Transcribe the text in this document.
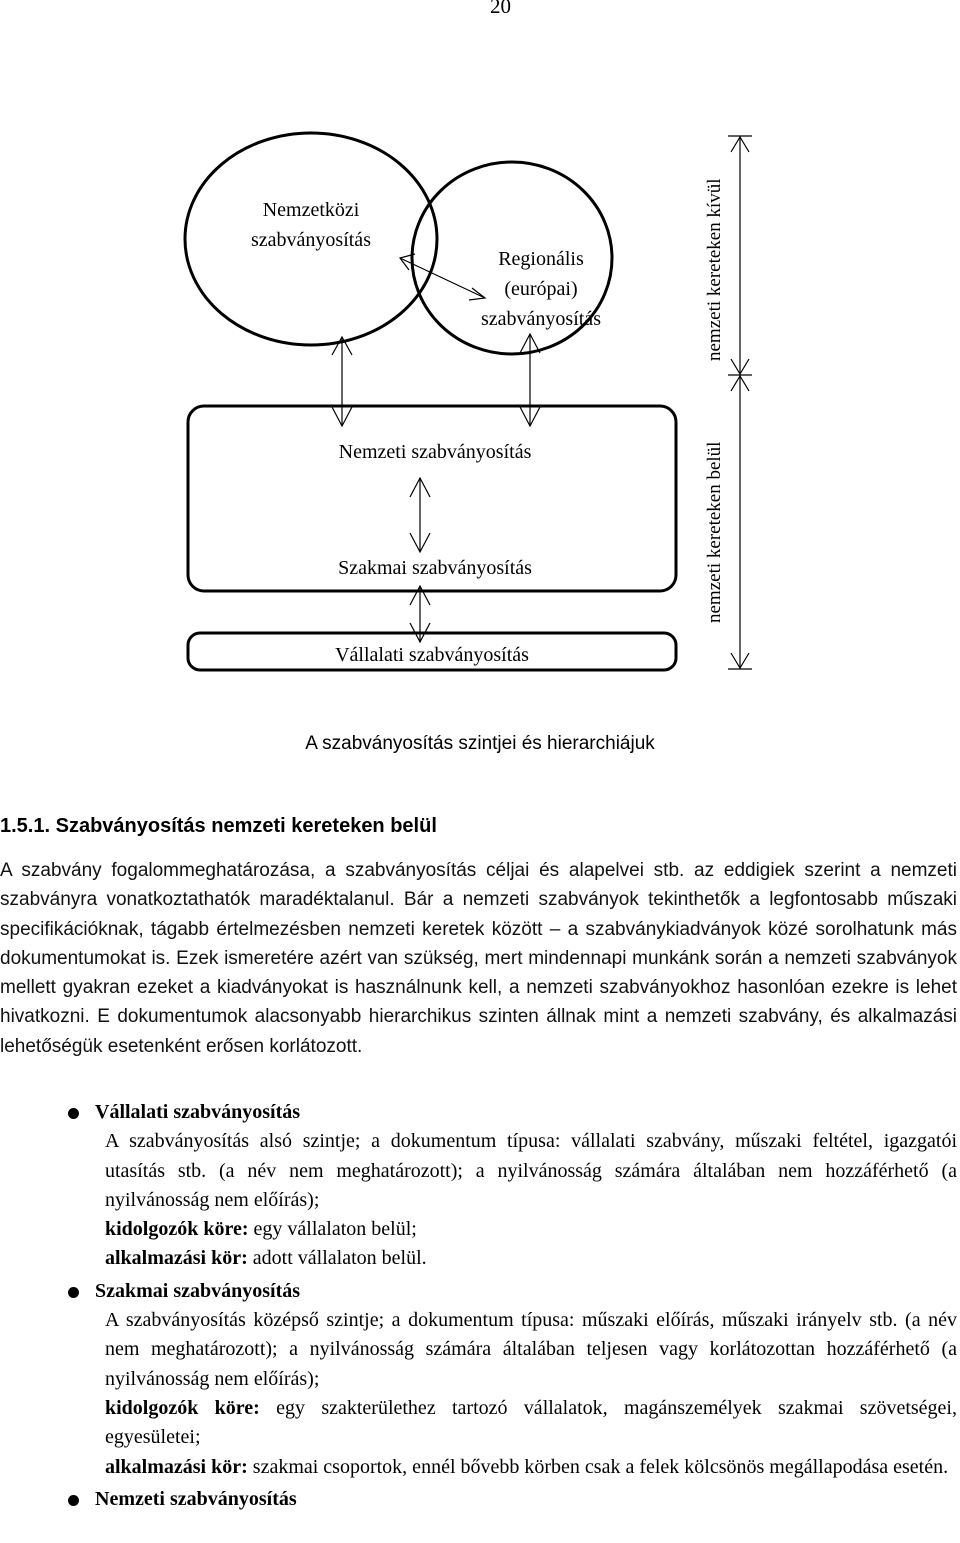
20
Nemzetközi
szabványosítás
Regionális
(európai)
szabványosítás
Nemzeti szabványosítás
Szakmai szabványosítás
Vállalati szabványosítás
nemzeti kereteken kívül
nemzeti kereteken belül
A szabványosítás szintjei és hierarchiájuk
1.5.1. Szabványosítás nemzeti kereteken belül

A szabvány fogalommeghatározása, a szabványosítás céljai és alapelvei stb. az eddigiek szerint a nemzeti szabványra vonatkoztathatók maradéktalanul. Bár a nemzeti szabványok tekinthetők a legfontosabb műszaki specifikációknak, tágabb értelmezésben nemzeti keretek között – a szabványkiadványok közé sorolhatunk más dokumentumokat is. Ezek ismeretére azért van szükség, mert mindennapi munkánk során a nemzeti szabványok mellett gyakran ezeket a kiadványokat is használnunk kell, a nemzeti szabványokhoz hasonlóan ezekre is lehet hivatkozni. E dokumentumok alacsonyabb hierarchikus szinten állnak mint a nemzeti szabvány, és alkalmazási lehetőségük esetenként erősen korlátozott.

Vállalati szabványosítás
A szabványosítás alsó szintje; a dokumentum típusa: vállalati szabvány, műszaki feltétel, igazgatói utasítás stb. (a név nem meghatározott); a nyilvánosság számára általában nem hozzáférhető (a nyilvánosság nem előírás);
kidolgozók köre: egy vállalaton belül;
alkalmazási kör: adott vállalaton belül.
Szakmai szabványosítás
A szabványosítás középső szintje; a dokumentum típusa: műszaki előírás, műszaki irányelv stb. (a név nem meghatározott); a nyilvánosság számára általában teljesen vagy korlátozottan hozzáférhető (a nyilvánosság nem előírás);
kidolgozók köre: egy szakterülethez tartozó vállalatok, magánszemélyek szakmai szövetségei, egyesületei;
alkalmazási kör: szakmai csoportok, ennél bővebb körben csak a felek kölcsönös megállapodása esetén.
Nemzeti szabványosítás
